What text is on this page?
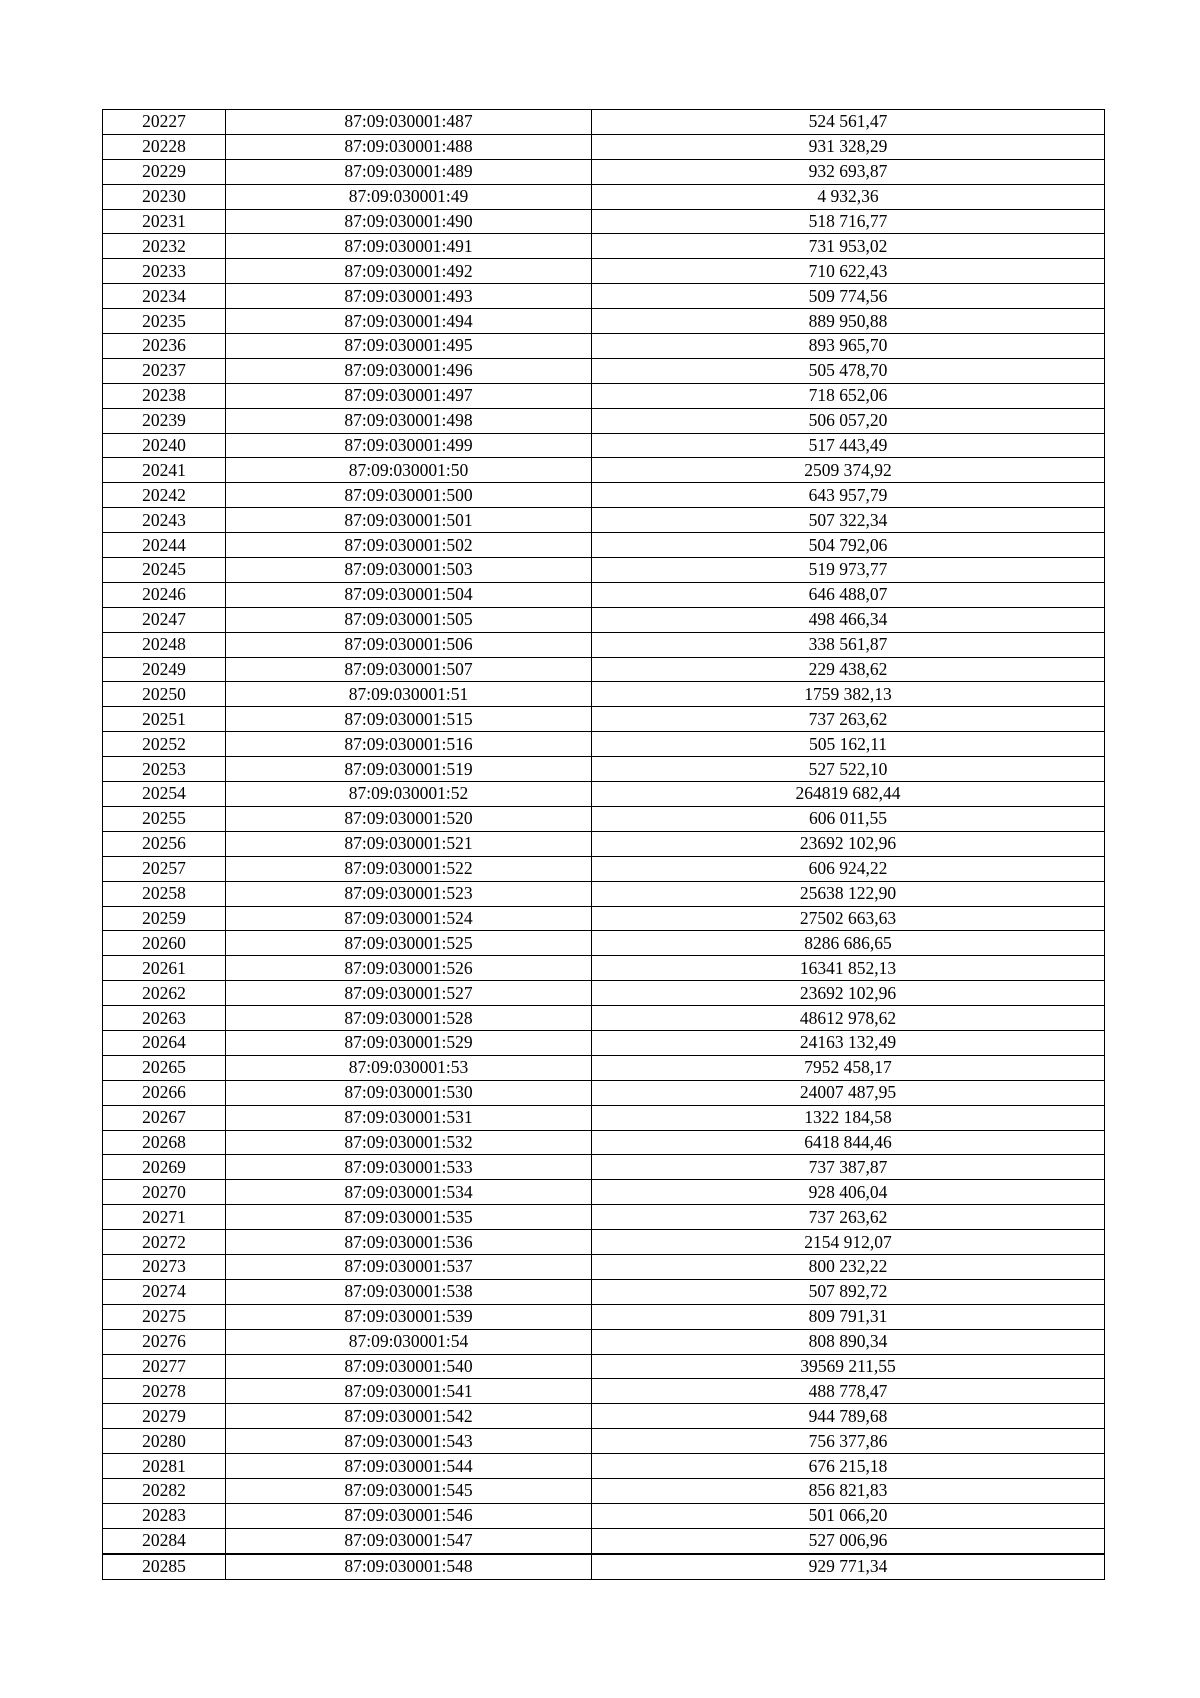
20227	87:09:030001:487	524 561,47
20228	87:09:030001:488	931 328,29
20229	87:09:030001:489	932 693,87
20230	87:09:030001:49	4 932,36
20231	87:09:030001:490	518 716,77
20232	87:09:030001:491	731 953,02
20233	87:09:030001:492	710 622,43
20234	87:09:030001:493	509 774,56
20235	87:09:030001:494	889 950,88
20236	87:09:030001:495	893 965,70
20237	87:09:030001:496	505 478,70
20238	87:09:030001:497	718 652,06
20239	87:09:030001:498	506 057,20
20240	87:09:030001:499	517 443,49
20241	87:09:030001:50	2509 374,92
20242	87:09:030001:500	643 957,79
20243	87:09:030001:501	507 322,34
20244	87:09:030001:502	504 792,06
20245	87:09:030001:503	519 973,77
20246	87:09:030001:504	646 488,07
20247	87:09:030001:505	498 466,34
20248	87:09:030001:506	338 561,87
20249	87:09:030001:507	229 438,62
20250	87:09:030001:51	1759 382,13
20251	87:09:030001:515	737 263,62
20252	87:09:030001:516	505 162,11
20253	87:09:030001:519	527 522,10
20254	87:09:030001:52	264819 682,44
20255	87:09:030001:520	606 011,55
20256	87:09:030001:521	23692 102,96
20257	87:09:030001:522	606 924,22
20258	87:09:030001:523	25638 122,90
20259	87:09:030001:524	27502 663,63
20260	87:09:030001:525	8286 686,65
20261	87:09:030001:526	16341 852,13
20262	87:09:030001:527	23692 102,96
20263	87:09:030001:528	48612 978,62
20264	87:09:030001:529	24163 132,49
20265	87:09:030001:53	7952 458,17
20266	87:09:030001:530	24007 487,95
20267	87:09:030001:531	1322 184,58
20268	87:09:030001:532	6418 844,46
20269	87:09:030001:533	737 387,87
20270	87:09:030001:534	928 406,04
20271	87:09:030001:535	737 263,62
20272	87:09:030001:536	2154 912,07
20273	87:09:030001:537	800 232,22
20274	87:09:030001:538	507 892,72
20275	87:09:030001:539	809 791,31
20276	87:09:030001:54	808 890,34
20277	87:09:030001:540	39569 211,55
20278	87:09:030001:541	488 778,47
20279	87:09:030001:542	944 789,68
20280	87:09:030001:543	756 377,86
20281	87:09:030001:544	676 215,18
20282	87:09:030001:545	856 821,83
20283	87:09:030001:546	501 066,20
20284	87:09:030001:547	527 006,96
20285	87:09:030001:548	929 771,34
